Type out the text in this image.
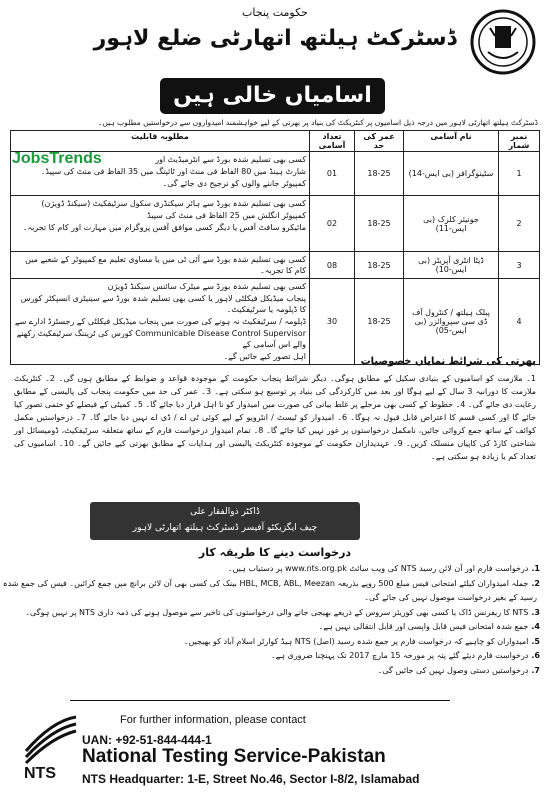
حکومت پنجاب
ڈسٹرکٹ ہیلتھ اتھارٹی ضلع لاہور
اسامیاں خالی ہیں
ڈسٹرکٹ ہیلتھ اتھارٹی لاہور میں درجہ ذیل اسامیوں پر کنٹریکٹ کی بنیاد پر بھرتی کے لیے خواہشمند امیدواروں سے درخواستیں مطلوب ہیں۔
نمبر شمار	نام آسامی	عمر کی حد	تعداد آسامی	مطلوبہ قابلیت
1	سٹینوگرافر (بی ایس-14)	18-25	01	کسی بھی تسلیم شدہ بورڈ سے انٹرمیڈیٹ اور
شارٹ ہینڈ میں 80 الفاظ فی منٹ اور ٹائپنگ میں 35 الفاظ فی منٹ کی سپیڈ۔
کمپیوٹر جاننے والوں کو ترجیح دی جائے گی۔

2	جونیئر کلرک (بی ایس-11)	18-25	02	کسی بھی تسلیم شدہ بورڈ سے ہائر سیکنڈری سکول سرٹیفکیٹ (سیکنڈ ڈویژن)
کمپیوٹر انگلش میں 25 الفاظ فی منٹ کی سپیڈ
مائیکرو سافٹ آفس یا دیگر کسی موافق آفس پروگرام میں مہارت اور کام کا تجربہ۔

3	ڈیٹا انٹری آپریٹر (بی ایس-10)	18-25	08	کسی بھی تسلیم شدہ بورڈ سے آئی ٹی میں یا مساوی تعلیم مع کمپیوٹر کے شعبے میں کام کا تجربہ۔

4	پبلک ہیلتھ / کنٹرول آف ڈی سی سپروائزر (بی ایس-05)	18-25	30	کسی بھی تسلیم شدہ بورڈ سے میٹرک سائنس سیکنڈ ڈویژن
پنجاب میڈیکل فیکلٹی لاہور یا کسی بھی تسلیم شدہ بورڈ سے سینیٹری انسپکٹر کورس کا ڈپلومہ یا سرٹیفکیٹ۔
ڈپلومہ / سرٹیفکیٹ نہ ہونے کی صورت میں پنجاب میڈیکل فیکلٹی کے رجسٹرڈ ادارے سے
Communicable Disease Control Supervisor کورس کی ٹریننگ سرٹیفکیٹ رکھنے والے اس آسامی کے
اہل تصور کیے جائیں گے۔
JobsTrends
بھرتی کی شرائط نمایاں خصوصیات
1۔ ملازمت کو اسامیوں کے بنیادی سکیل کے مطابق ہوگی۔ دیگر شرائط پنجاب حکومت کے موجودہ قواعد و ضوابط کے مطابق ہوں گی۔ 2۔ کنٹریکٹ ملازمت کا دورانیہ 3 سال کے لیے ہوگا اور بعد میں کارکردگی کی بنیاد پر توسیع ہو سکتی ہے۔ 3۔ عمر کی حد میں حکومت پنجاب کی پالیسی کے مطابق رعایت دی جائے گی۔ 4۔ خطوط کے کسی بھی مرحلے پر غلط بیانی کی صورت میں امیدوار کو نا اہل قرار دیا جائے گا۔ 5۔ کمیٹی کے فیصلے کو حتمی تصور کیا جائے گا اور کسی قسم کا اعتراض قابل قبول نہ ہوگا۔ 6۔ امیدوار کو ٹیسٹ / انٹرویو کے لیے کوئی ٹی اے / ڈی اے نہیں دیا جائے گا۔ 7۔ درخواستیں مکمل کوائف کے ساتھ جمع کروائی جائیں، نامکمل درخواستوں پر غور نہیں کیا جائے گا۔ 8۔ تمام امیدوار درخواست فارم کے ساتھ متعلقہ سرٹیفکیٹ، ڈومیسائل اور شناختی کارڈ کی کاپیاں منسلک کریں۔ 9۔ عہدیداران حکومت کے موجودہ کنٹریکٹ پالیسی اور ہدایات کے مطابق بھرتی کیے جائیں گے۔ 10۔ اسامیوں کی تعداد کم یا زیادہ ہو سکتی ہے۔
ڈاکٹر ذوالفقار علی
چیف ایگزیکٹو آفیسر ڈسٹرکٹ ہیلتھ اتھارٹی لاہور
درخواست دینے کا طریقہ کار
1.درخواست فارم اور آن لائن رسید NTS کی ویب سائٹ www.nts.org.pk پر دستیاب ہیں۔
2.جملہ امیدواران کیلئے امتحانی فیس مبلغ 500 روپے بذریعہ HBL, MCB, ABL, Meezan بینک کی کسی بھی آن لائن برانچ میں جمع کرائیں۔ فیس کی جمع شدہ
رسید کے بغیر درخواست موصول نہیں کی جائے گی۔
3.NTS کا ریفرنس ڈاک یا کسی بھی کوریئر سروس کے ذریعے بھیجی جانے والی درخواستوں کی تاخیر سے موصول ہونے کی ذمہ داری NTS پر نہیں ہوگی۔
4.جمع شدہ امتحانی فیس قابل واپسی اور قابل انتقالی نہیں ہے۔
5.امیدواران کو چاہیے کہ درخواست فارم پر جمع شدہ رسید (اصل) NTS ہیڈ کوارٹر اسلام آباد کو بھیجیں۔
6.درخواست فارم دیئے گئے پتہ پر مورخہ 15 مارچ 2017 تک پہنچنا ضروری ہے۔
7.درخواستیں دستی وصول نہیں کی جائیں گی۔
For further information, please contact
UAN: +92-51-844-444-1
National Testing Service-Pakistan
NTS Headquarter: 1-E, Street No.46, Sector I-8/2, Islamabad
NTS
